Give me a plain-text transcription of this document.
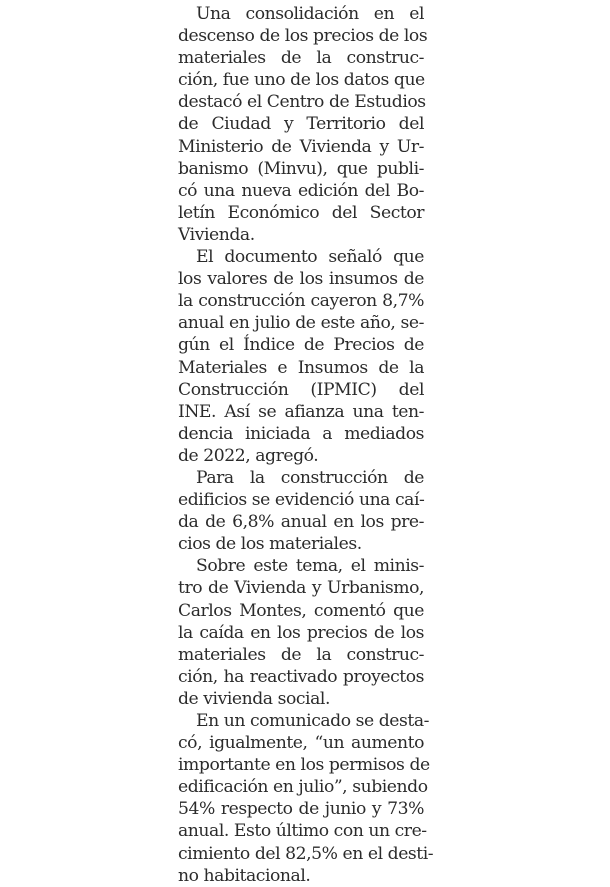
Una consolidación en el
descenso de los precios de los
materiales de la construc-
ción, fue uno de los datos que
destacó el Centro de Estudios
de Ciudad y Territorio del
Ministerio de Vivienda y Ur-
banismo (Minvu), que publi-
có una nueva edición del Bo-
letín Económico del Sector
Vivienda.
El documento señaló que
los valores de los insumos de
la construcción cayeron 8,7%
anual en julio de este año, se-
gún el Índice de Precios de
Materiales e Insumos de la
Construcción (IPMIC) del
INE. Así se afianza una ten-
dencia iniciada a mediados
de 2022, agregó.
Para la construcción de
edificios se evidenció una caí-
da de 6,8% anual en los pre-
cios de los materiales.
Sobre este tema, el minis-
tro de Vivienda y Urbanismo,
Carlos Montes, comentó que
la caída en los precios de los
materiales de la construc-
ción, ha reactivado proyectos
de vivienda social.
En un comunicado se desta-
có, igualmente, “un aumento
importante en los permisos de
edificación en julio”, subiendo
54% respecto de junio y 73%
anual. Esto último con un cre-
cimiento del 82,5% en el desti-
no habitacional.
